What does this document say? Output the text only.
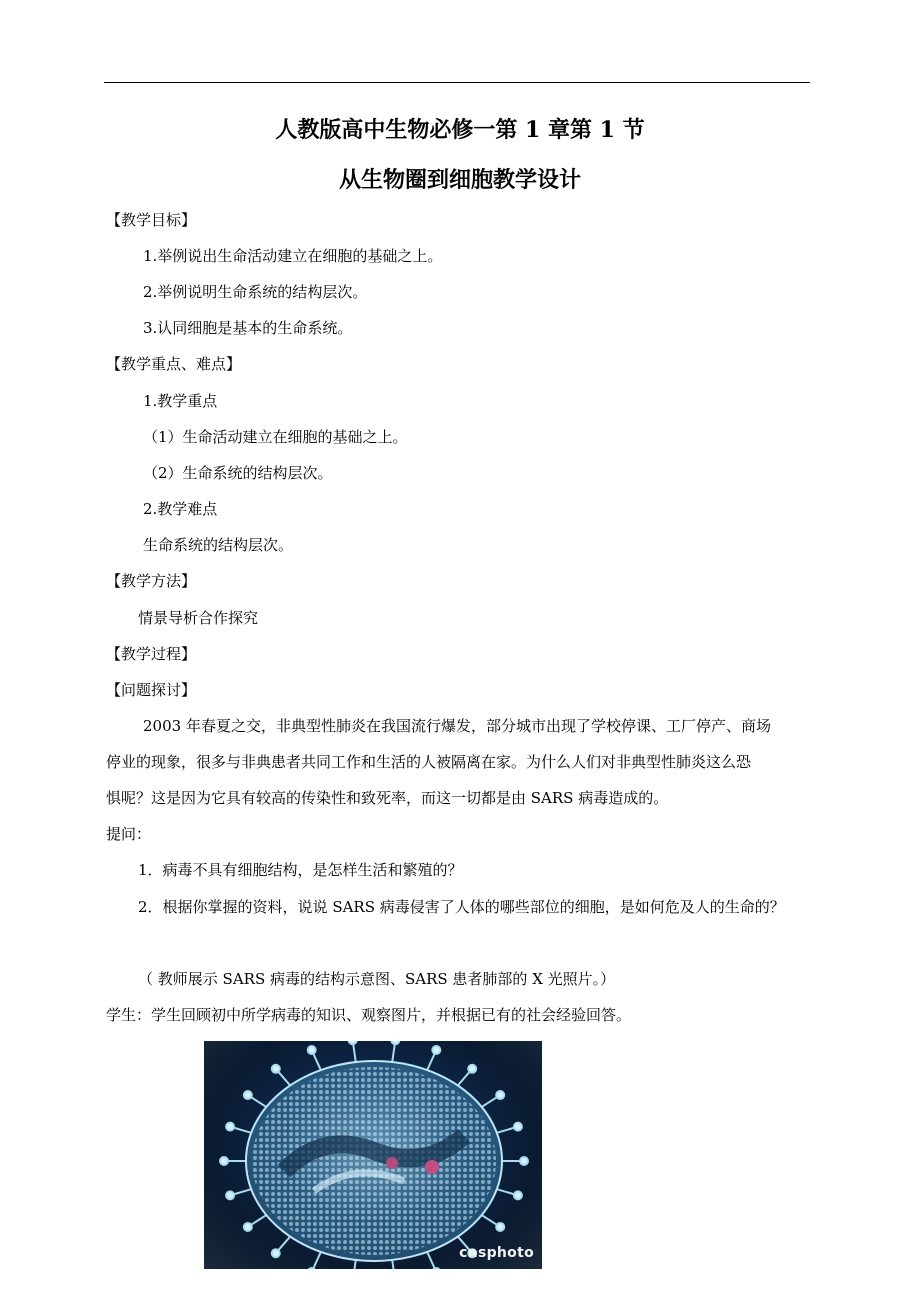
人教版高中生物必修一第 1 章第 1 节
从生物圈到细胞教学设计
【教学目标】
1.举例说出生命活动建立在细胞的基础之上。
2.举例说明生命系统的结构层次。
3.认同细胞是基本的生命系统。
【教学重点、难点】
1.教学重点
（1）生命活动建立在细胞的基础之上。
（2）生命系统的结构层次。
2.教学难点
生命系统的结构层次。
【教学方法】
情景导析合作探究
【教学过程】
【问题探讨】
2003 年春夏之交，非典型性肺炎在我国流行爆发，部分城市出现了学校停课、工厂停产、商场
停业的现象，很多与非典患者共同工作和生活的人被隔离在家。为什么人们对非典型性肺炎这么恐
惧呢？这是因为它具有较高的传染性和致死率，而这一切都是由 SARS 病毒造成的。
提问：
1．病毒不具有细胞结构，是怎样生活和繁殖的？
2．根据你掌握的资料，说说 SARS 病毒侵害了人体的哪些部位的细胞，是如何危及人的生命的？
（ 教师展示 SARS 病毒的结构示意图、SARS 患者肺部的 X 光照片。）
学生：学生回顾初中所学病毒的知识、观察图片，并根据已有的社会经验回答。
cnsphoto
